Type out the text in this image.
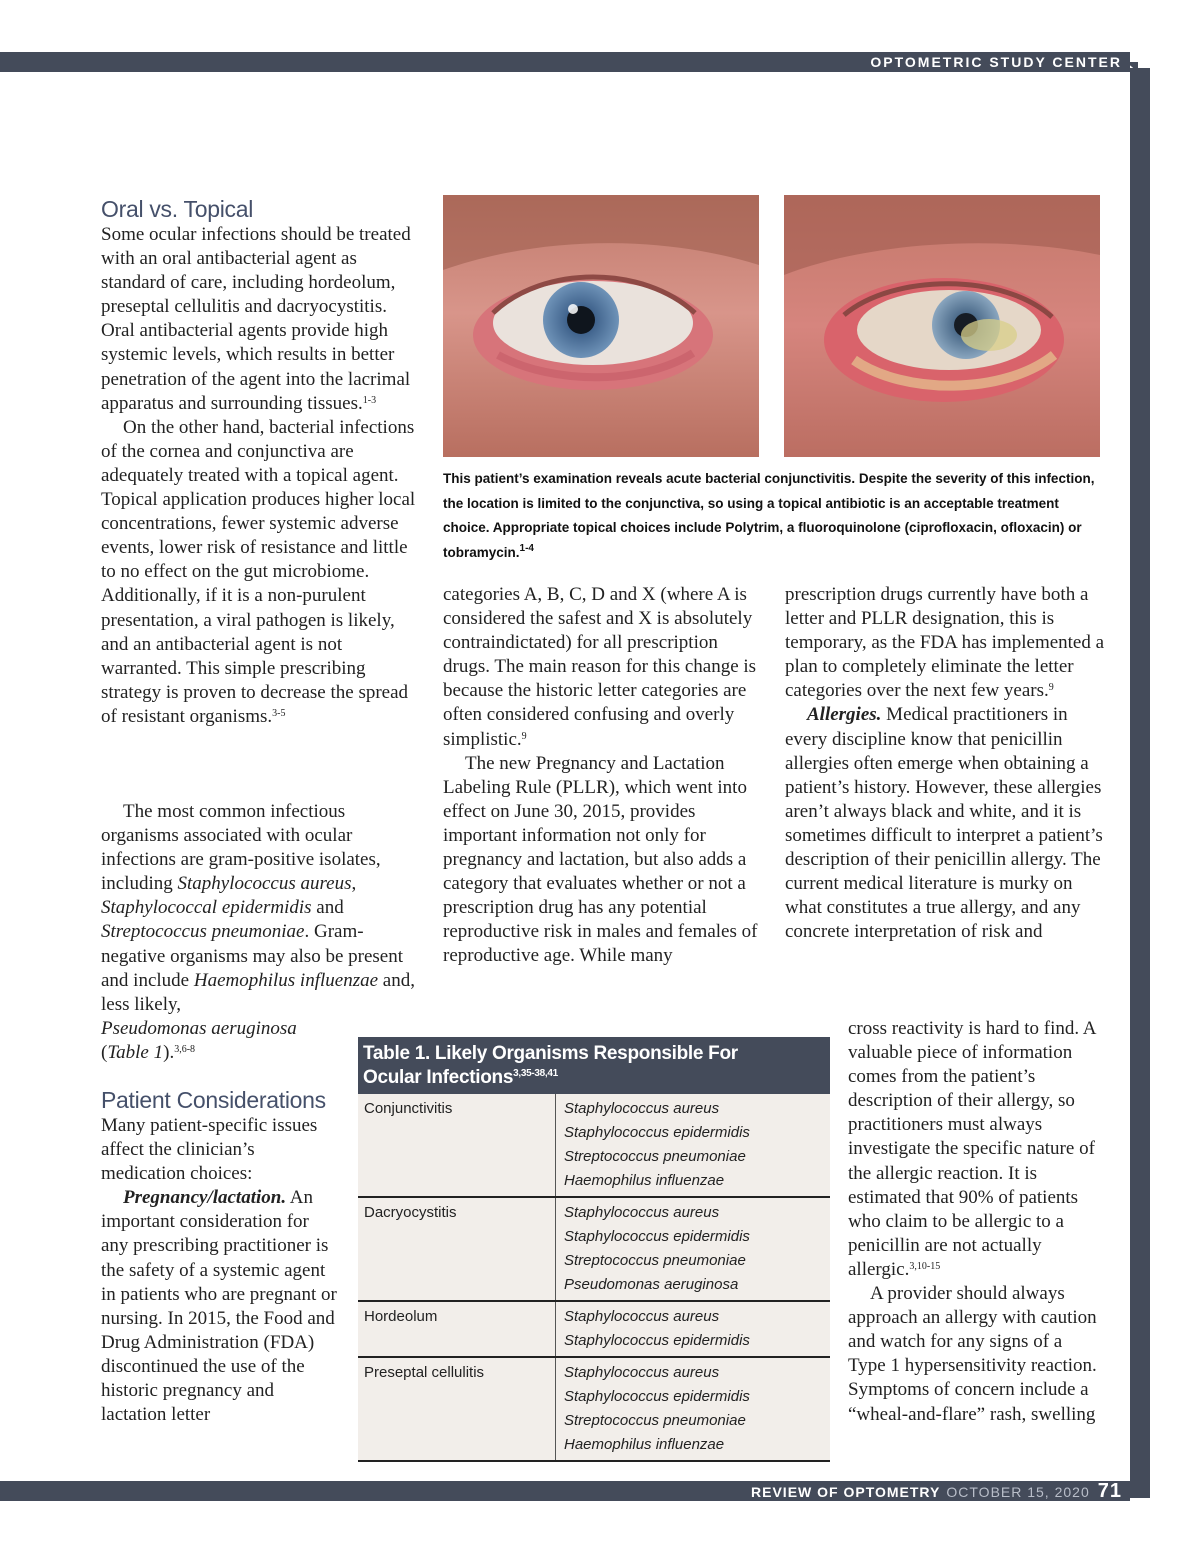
OPTOMETRIC STUDY CENTER
REVIEW OF OPTOMETRY OCTOBER 15, 2020 71
Oral vs. Topical

Some ocular infections should be treated with an oral antibacterial agent as standard of care, including hordeolum, preseptal cellulitis and dacryocystitis. Oral antibacterial agents provide high systemic levels, which results in better penetration of the agent into the lacrimal apparatus and surrounding tissues.$^{1-3}$

On the other hand, bacterial infections of the cornea and conjunctiva are adequately treated with a topical agent. Topical application produces higher local concentrations, fewer systemic adverse events, lower risk of resistance and little to no effect on the gut microbiome. Additionally, if it is a non-purulent presentation, a viral pathogen is likely, and an antibacterial agent is not warranted. This simple prescribing strategy is proven to decrease the spread of resistant organisms.$^{3-5}$

The most common infectious organisms associated with ocular infections are gram-positive isolates, including Staphylococcus aureus, Staphylococcal epidermidis and Streptococcus pneumoniae. Gram-negative organisms may also be present and include Haemophilus influenzae and, less likely,
Pseudomonas aeruginosa
(Table 1).$^{3,6-8}$

Patient Considerations

Many patient-specific issues affect the clinician’s medication choices:

Pregnancy/lactation. An important consideration for any prescribing practitioner is the safety of a systemic agent in patients who are pregnant or nursing. In 2015, the Food and Drug Administration (FDA) discontinued the use of the historic pregnancy and lactation letter

This patient’s examination reveals acute bacterial conjunctivitis. Despite the severity of this infection, the location is limited to the conjunctiva, so using a topical antibiotic is an acceptable treatment choice. Appropriate topical choices include Polytrim, a fluoroquinolone (ciprofloxacin, ofloxacin) or tobramycin.$^{1-4}$

categories A, B, C, D and X (where A is considered the safest and X is absolutely contraindictated) for all prescription drugs. The main reason for this change is because the historic letter categories are often considered confusing and overly simplistic.$^9$

The new Pregnancy and Lactation Labeling Rule (PLLR), which went into effect on June 30, 2015, provides important information not only for pregnancy and lactation, but also adds a category that evaluates whether or not a prescription drug has any potential reproductive risk in males and females of reproductive age. While many

prescription drugs currently have both a letter and PLLR designation, this is temporary, as the FDA has implemented a plan to completely eliminate the letter categories over the next few years.$^9$

Allergies. Medical practitioners in every discipline know that penicillin allergies often emerge when obtaining a patient’s history. However, these allergies aren’t always black and white, and it is sometimes difficult to interpret a patient’s description of their penicillin allergy. The current medical literature is murky on what constitutes a true allergy, and any concrete interpretation of risk and

cross reactivity is hard to find. A valuable piece of information comes from the patient’s description of their allergy, so practitioners must always investigate the specific nature of the allergic reaction. It is estimated that 90% of patients who claim to be allergic to a penicillin are not actually allergic.$^{3,10-15}$

A provider should always approach an allergy with caution and watch for any signs of a Type 1 hypersensitivity reaction. Symptoms of concern include a “wheal-and-flare” rash, swelling

Table 1. Likely Organisms Responsible For
Ocular Infections$^{3,35-38,41}$
Conjunctivitis	Staphylococcus aureus
Staphylococcus epidermidis
Streptococcus pneumoniae
Haemophilus influenzae
Dacryocystitis	Staphylococcus aureus
Staphylococcus epidermidis
Streptococcus pneumoniae
Pseudomonas aeruginosa
Hordeolum	Staphylococcus aureus
Staphylococcus epidermidis
Preseptal cellulitis	Staphylococcus aureus
Staphylococcus epidermidis
Streptococcus pneumoniae
Haemophilus influenzae
